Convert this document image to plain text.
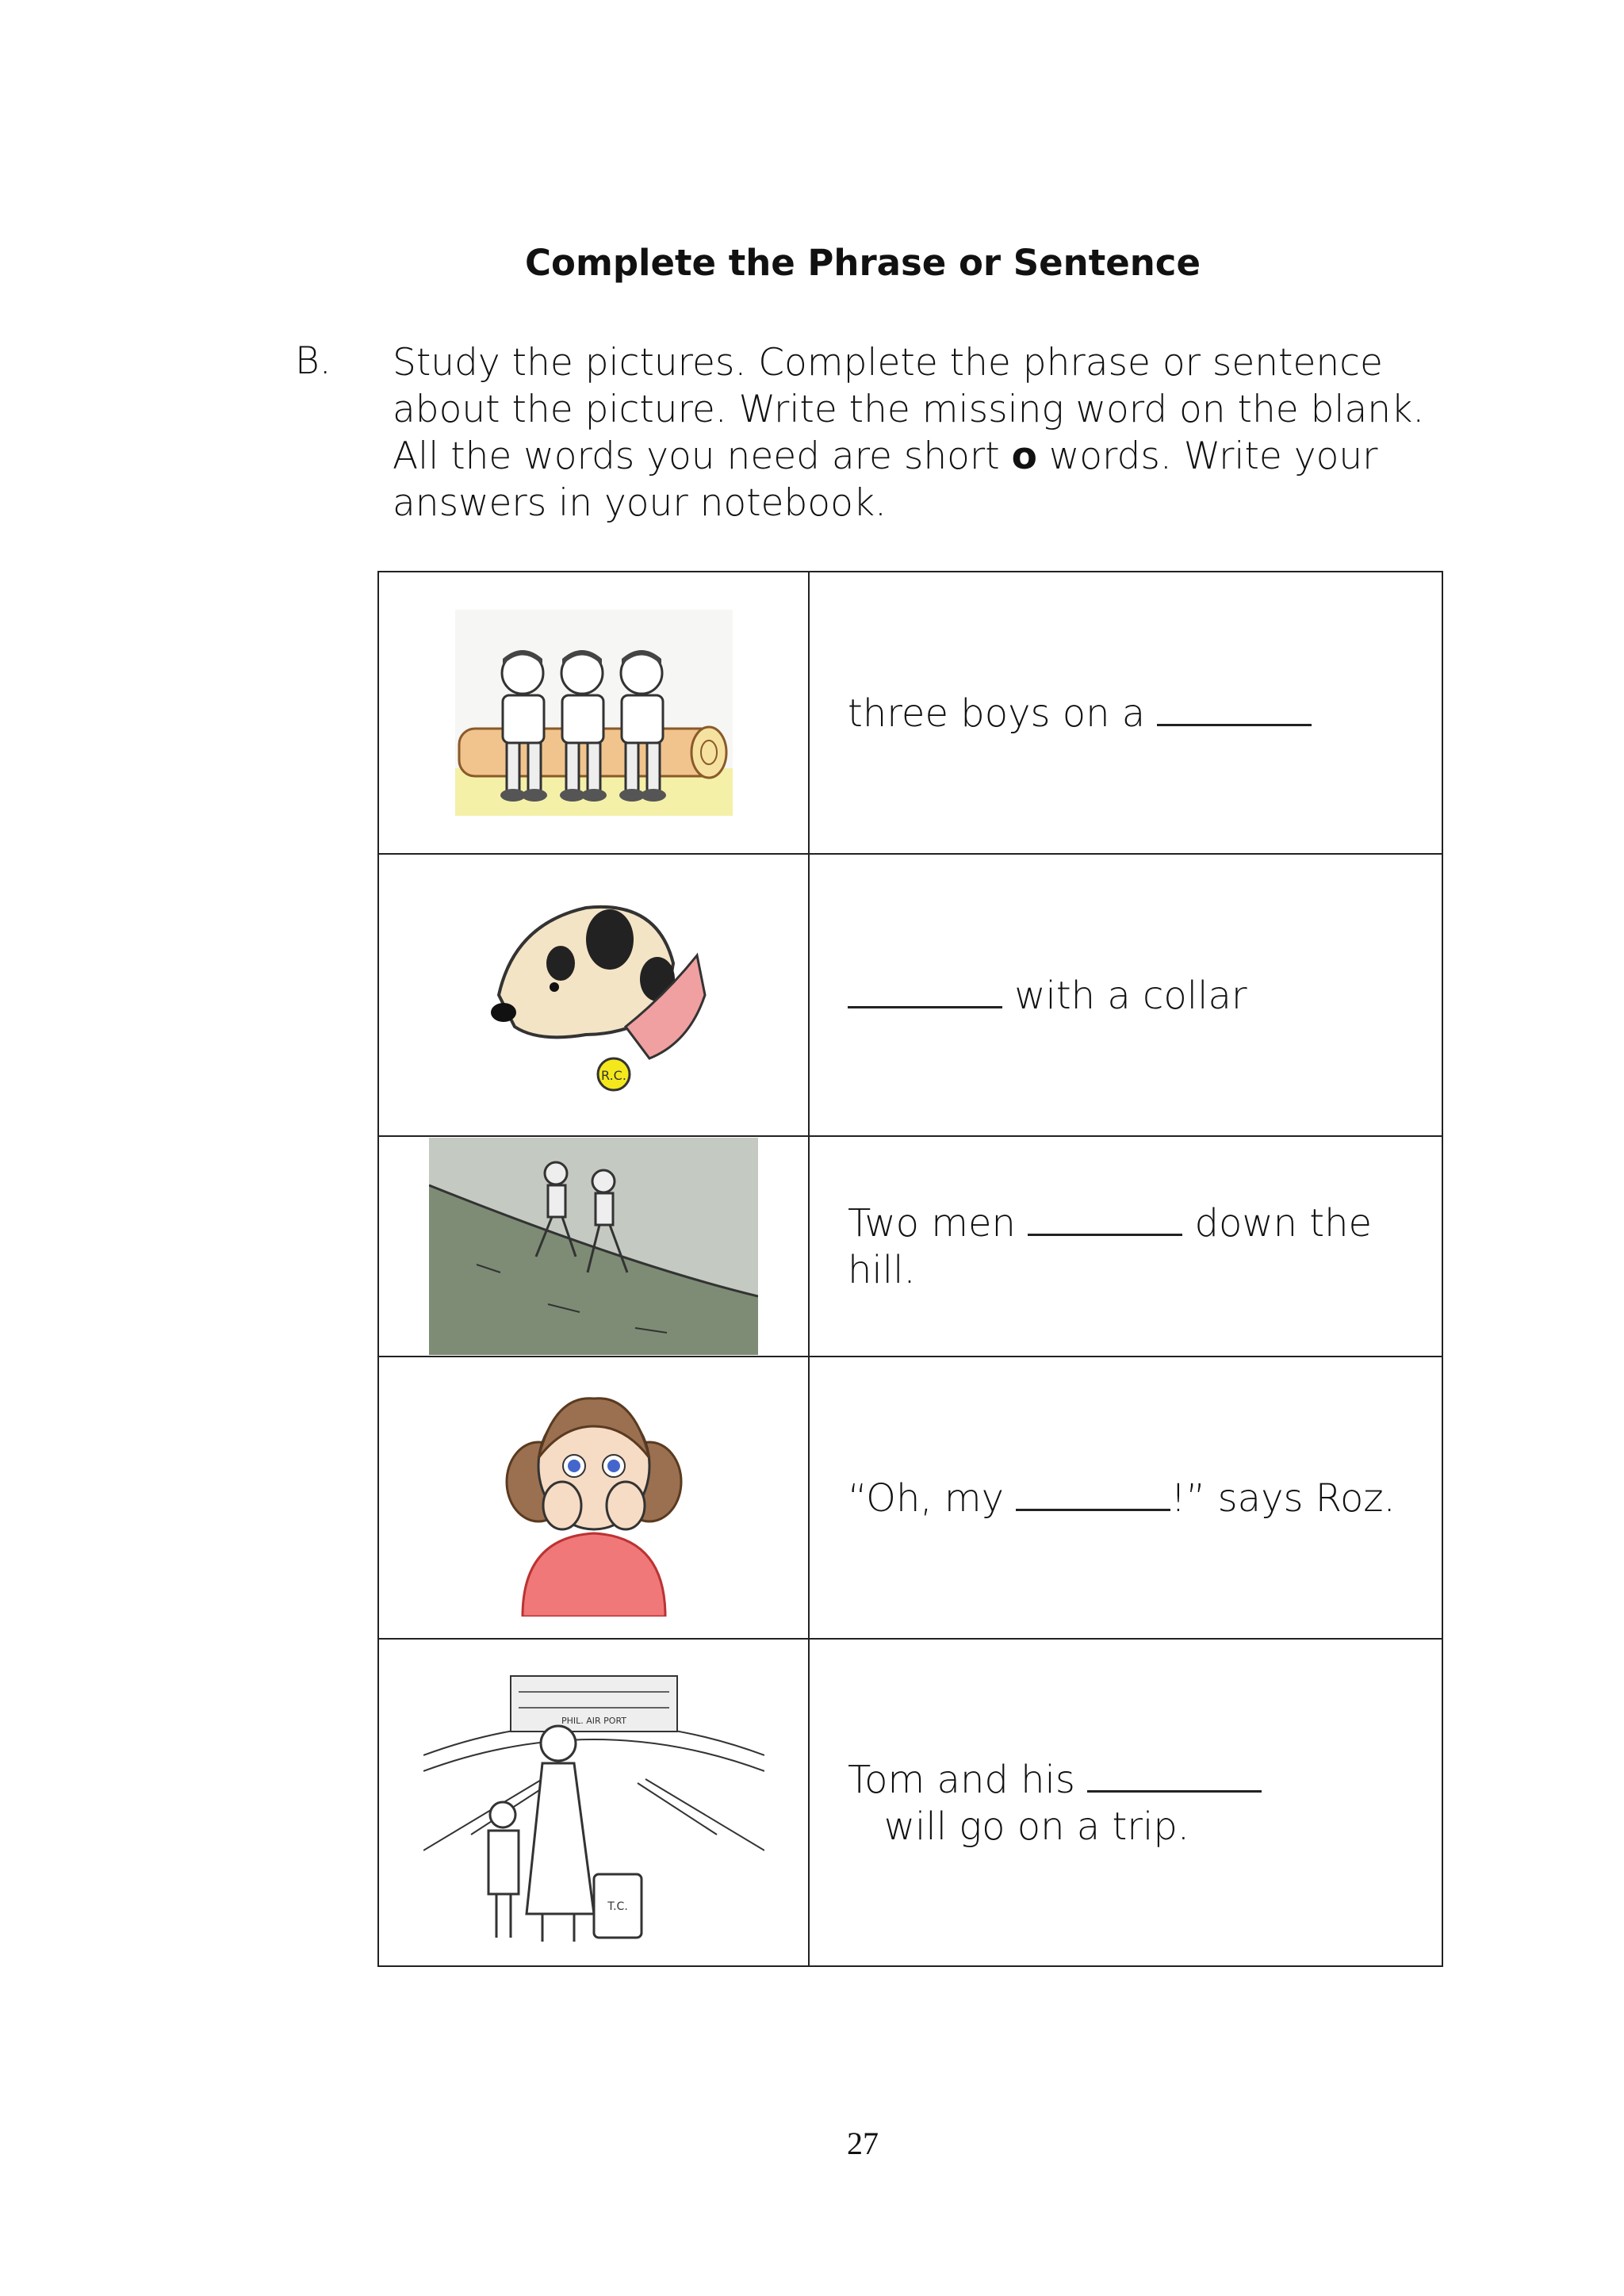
Complete the Phrase or Sentence
B. Study the pictures. Complete the phrase or sentence about the picture. Write the missing word on the blank. All the words you need are short o words. Write your answers in your notebook.

	three boys on a

R.C.	with a collar

	Two men down the hill.

	“Oh, my !” says Roz.

PHIL. AIR PORT
T.C.	Tom and his    will go on a trip.
27
